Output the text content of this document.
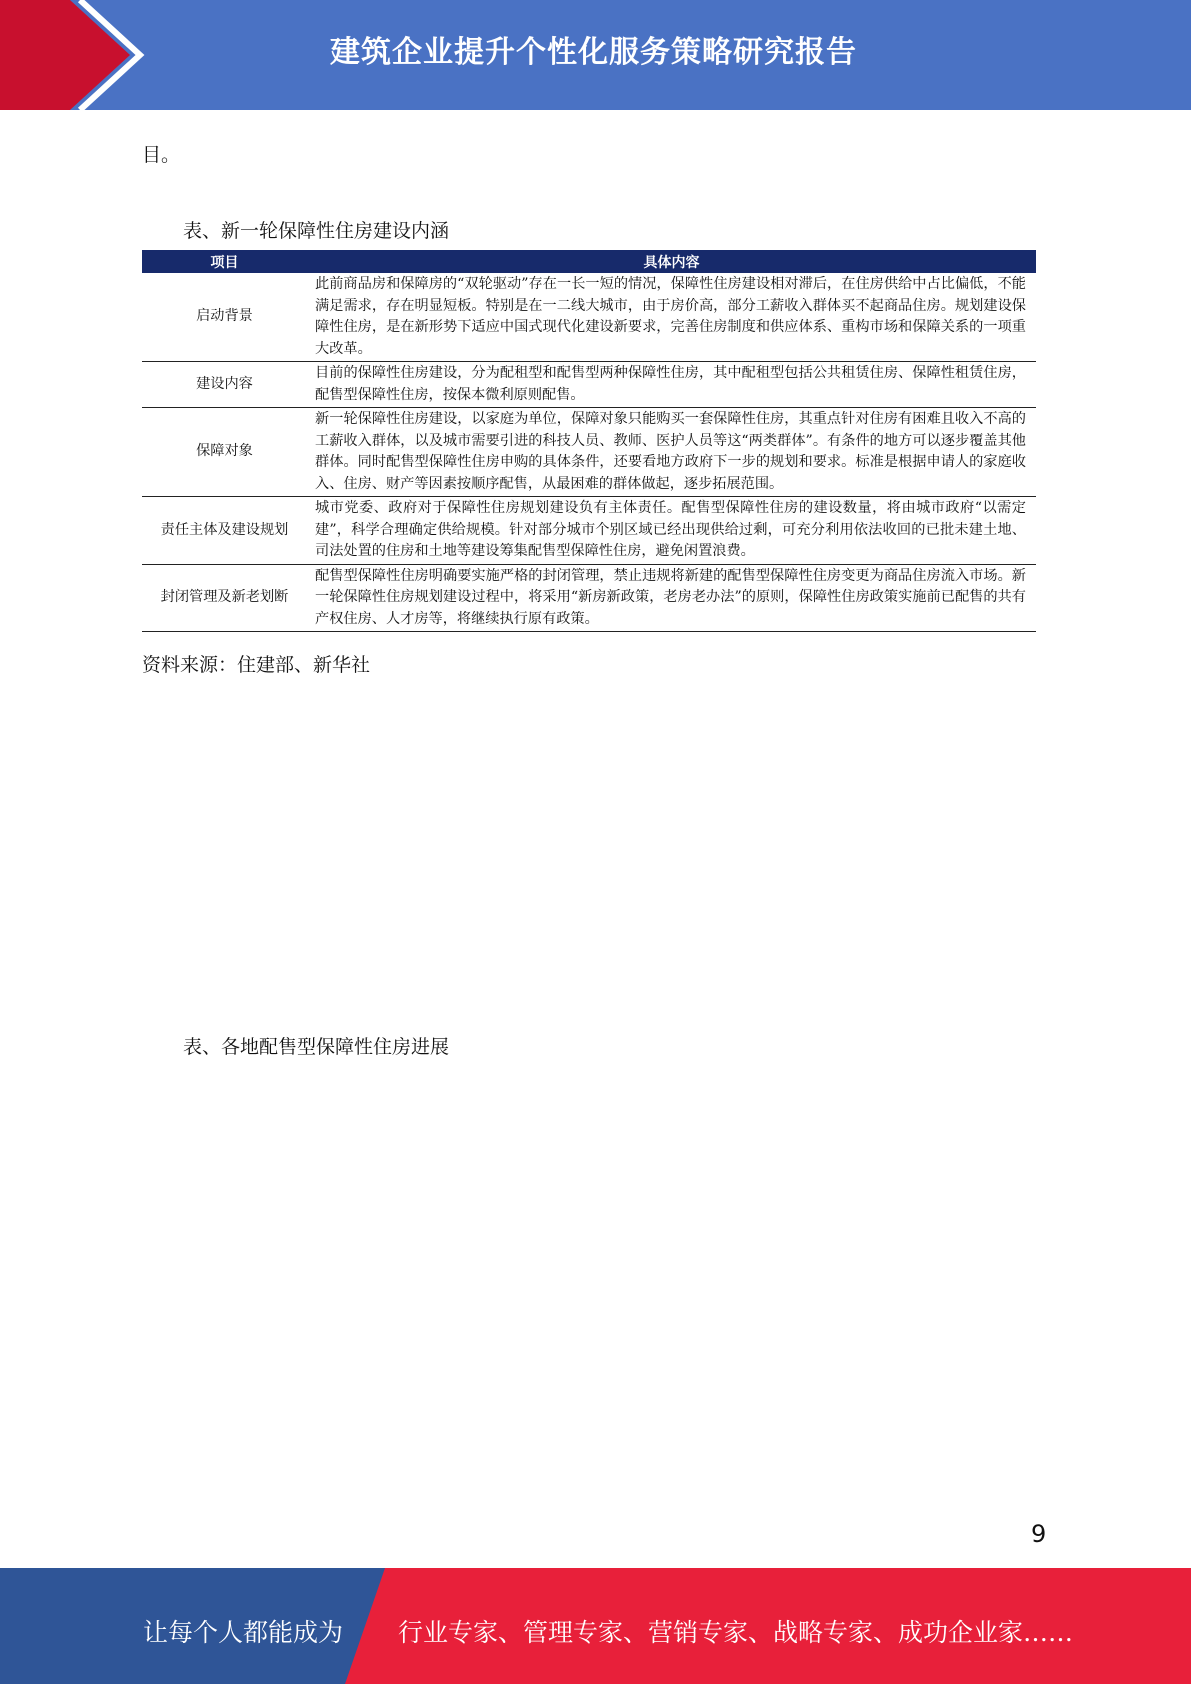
建筑企业提升个性化服务策略研究报告
目。
表、新一轮保障性住房建设内涵
项目	具体内容
启动背景	此前商品房和保障房的“双轮驱动”存在一长一短的情况，保障性住房建设相对滞后，在住房供给中占比偏低，不能满足需求，存在明显短板。特别是在一二线大城市，由于房价高，部分工薪收入群体买不起商品住房。规划建设保障性住房，是在新形势下适应中国式现代化建设新要求，完善住房制度和供应体系、重构市场和保障关系的一项重大改革。
建设内容	目前的保障性住房建设，分为配租型和配售型两种保障性住房，其中配租型包括公共租赁住房、保障性租赁住房，配售型保障性住房，按保本微利原则配售。
保障对象	新一轮保障性住房建设，以家庭为单位，保障对象只能购买一套保障性住房，其重点针对住房有困难且收入不高的工薪收入群体，以及城市需要引进的科技人员、教师、医护人员等这“两类群体”。有条件的地方可以逐步覆盖其他群体。同时配售型保障性住房申购的具体条件，还要看地方政府下一步的规划和要求。标准是根据申请人的家庭收入、住房、财产等因素按顺序配售，从最困难的群体做起，逐步拓展范围。
责任主体及建设规划	城市党委、政府对于保障性住房规划建设负有主体责任。配售型保障性住房的建设数量，将由城市政府“以需定建”，科学合理确定供给规模。针对部分城市个别区域已经出现供给过剩，可充分利用依法收回的已批未建土地、司法处置的住房和土地等建设筹集配售型保障性住房，避免闲置浪费。
封闭管理及新老划断	配售型保障性住房明确要实施严格的封闭管理，禁止违规将新建的配售型保障性住房变更为商品住房流入市场。新一轮保障性住房规划建设过程中，将采用“新房新政策，老房老办法”的原则，保障性住房政策实施前已配售的共有产权住房、人才房等，将继续执行原有政策。
资料来源：住建部、新华社
表、各地配售型保障性住房进展
9
让每个人都能成为 行业专家、管理专家、营销专家、战略专家、成功企业家……
